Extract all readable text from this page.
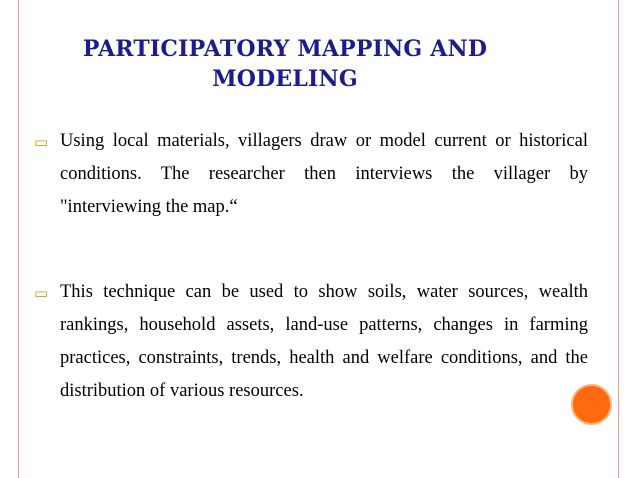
PARTICIPATORY MAPPING AND MODELING
▭ Using local materials, villagers draw or model current or historical conditions. The researcher then interviews the villager by "interviewing the map.“
▭ This technique can be used to show soils, water sources, wealth rankings, household assets, land-use patterns, changes in farming practices, constraints, trends, health and welfare conditions, and the distribution of various resources.
